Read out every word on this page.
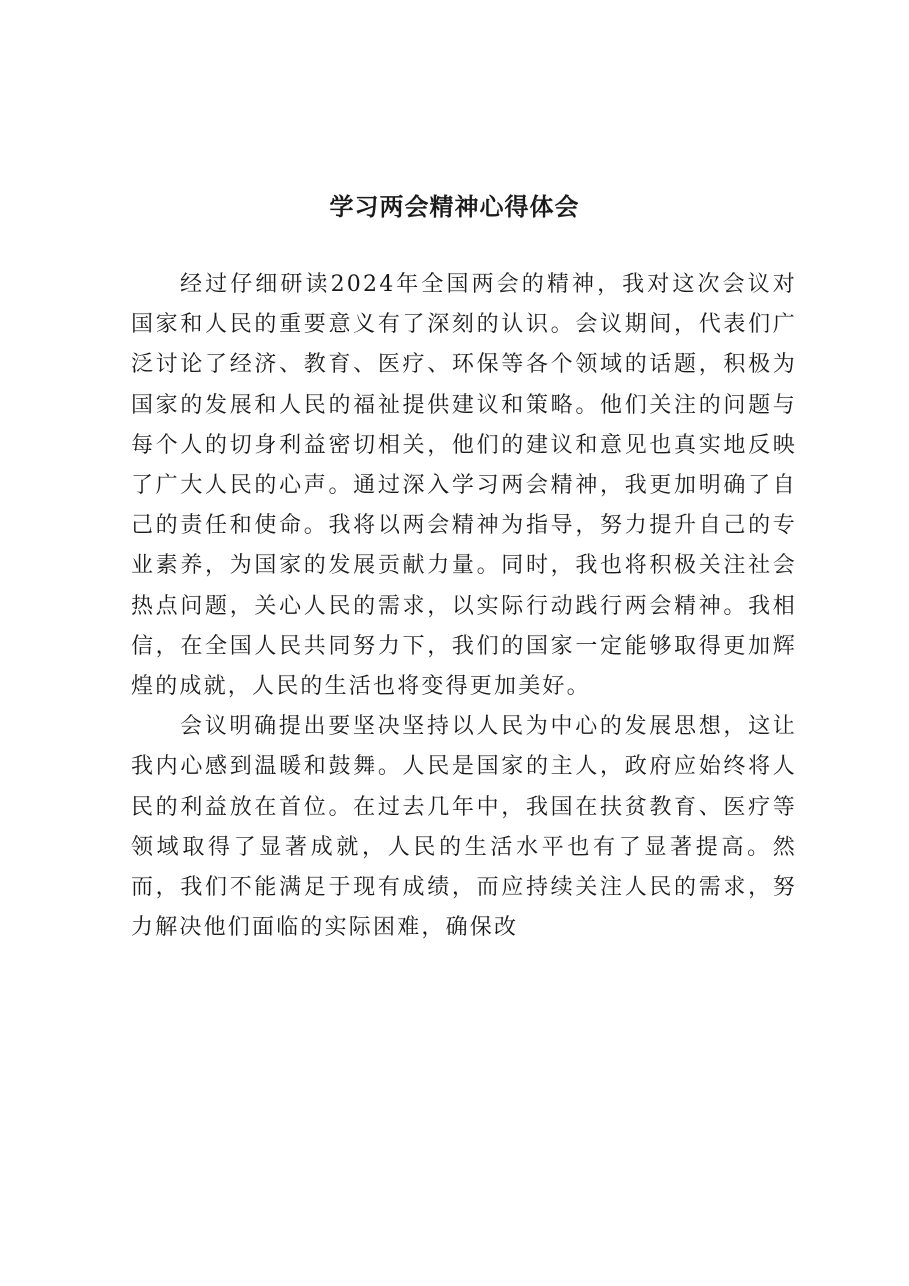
学习两会精神心得体会

经过仔细研读2024年全国两会的精神，我对这次会议对国家和人民的重要意义有了深刻的认识。会议期间，代表们广泛讨论了经济、教育、医疗、环保等各个领域的话题，积极为国家的发展和人民的福祉提供建议和策略。他们关注的问题与每个人的切身利益密切相关，他们的建议和意见也真实地反映了广大人民的心声。通过深入学习两会精神，我更加明确了自己的责任和使命。我将以两会精神为指导，努力提升自己的专业素养，为国家的发展贡献力量。同时，我也将积极关注社会热点问题，关心人民的需求，以实际行动践行两会精神。我相信，在全国人民共同努力下，我们的国家一定能够取得更加辉煌的成就，人民的生活也将变得更加美好。

会议明确提出要坚决坚持以人民为中心的发展思想，这让我内心感到温暖和鼓舞。人民是国家的主人，政府应始终将人民的利益放在首位。在过去几年中，我国在扶贫教育、医疗等领域取得了显著成就，人民的生活水平也有了显著提高。然而，我们不能满足于现有成绩，而应持续关注人民的需求，努力解决他们面临的实际困难，确保改
